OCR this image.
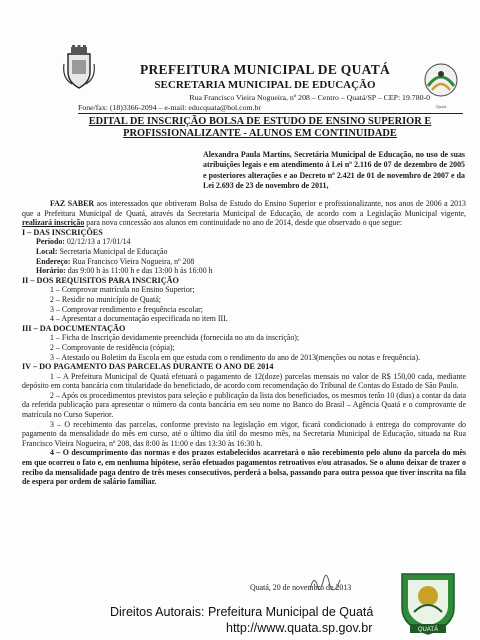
PREFEITURA MUNICIPAL DE QUATÁ
SECRETARIA MUNICIPAL DE EDUCAÇÃO
Rua Francisco Vieira Nogueira, nº 208 – Centro – Quatá/SP – CEP: 19.780-0
Fone/fax: (18)3366-2094 – e-mail: educquata@bol.com.br	Quatá
EDITAL DE INSCRIÇÃO BOLSA DE ESTUDO DE ENSINO SUPERIOR E
PROFISSIONALIZANTE - ALUNOS EM CONTINUIDADE
Alexandra Paula Martins, Secretária Municipal de Educação, no uso de suas atribuições legais e em atendimento à Lei nº 2.116 de 07 de dezembro de 2005 e posteriores alterações e ao Decreto nº 2.421 de 01 de novembro de 2007 e da Lei 2.693 de 23 de novembro de 2011,

FAZ SABER aos interessados que obtiveram Bolsa de Estudo do Ensino Superior e profissionalizante, nos anos de 2006 a 2013 que a Prefeitura Municipal de Quatá, através da Secretaria Municipal de Educação, de acordo com a Legislação Municipal vigente, realizará inscrição para nova concessão aos alunos em continuidade no ano de 2014, desde que observado o que segue:

I – DAS INSCRIÇÕES

Período: 02/12/13 a 17/01/14

Local: Secretaria Municipal de Educação

Endereço: Rua Francisco Vieira Nogueira, nº 208

Horário: das 9:00 h às 11:00 h e das 13:00 h às 16:00 h

II – DOS REQUISITOS PARA INSCRIÇÃO

1 – Comprovar matrícula no Ensino Superior;

2 – Residir no município de Quatá;

3 – Comprovar rendimento e frequência escolar;

4 – Apresentar a documentação especificada no item III.

III – DA DOCUMENTAÇÃO

1 – Ficha de Inscrição devidamente preenchida (fornecida no ato da inscrição);

2 – Comprovante de residência (cópia);

3 – Atestado ou Boletim da Escola em que estuda com o rendimento do ano de 2013(menções ou notas e frequência).

IV – DO PAGAMENTO DAS PARCELAS DURANTE O ANO DE 2014

1 – A Prefeitura Municipal de Quatá efetuará o pagamento de 12(doze) parcelas mensais no valor de R$ 150,00 cada, mediante depósito em conta bancária com titularidade do beneficiado, de acordo com recomendação do Tribunal de Contas do Estado de São Paulo.

2 – Após os procedimentos previstos para seleção e publicação da lista dos beneficiados, os mesmos terão 10 (dias) a contar da data da referida publicação para apresentar o número da conta bancária em seu nome no Banco do Brasil – Agência Quatá e o comprovante de matrícula no Curso Superior.

3 – O recebimento das parcelas, conforme previsto na legislação em vigor, ficará condicionado à entrega do comprovante do pagamento da mensalidade do mês em curso, até o último dia útil do mesmo mês, na Secretaria Municipal de Educação, situada na Rua Francisco Vieira Nogueira, nº 208, das 8:00 às 11:00 e das 13:30 às 16:30 h.

4 – O descumprimento das normas e dos prazos estabelecidos acarretará o não recebimento pelo aluno da parcela do mês em que ocorreu o fato e, em nenhuma hipótese, serão efetuados pagamentos retroativos e/ou atrasados. Se o aluno deixar de trazer o recibo da mensalidade paga dentro de três meses consecutivos, perderá a bolsa, passando para outra pessoa que tiver inscrita na fila de espera por ordem de salário familiar.

Quatá, 20 de novembro de 2013
QUATÁ
Direitos Autorais: Prefeitura Municipal de Quatá
http://www.quata.sp.gov.br
